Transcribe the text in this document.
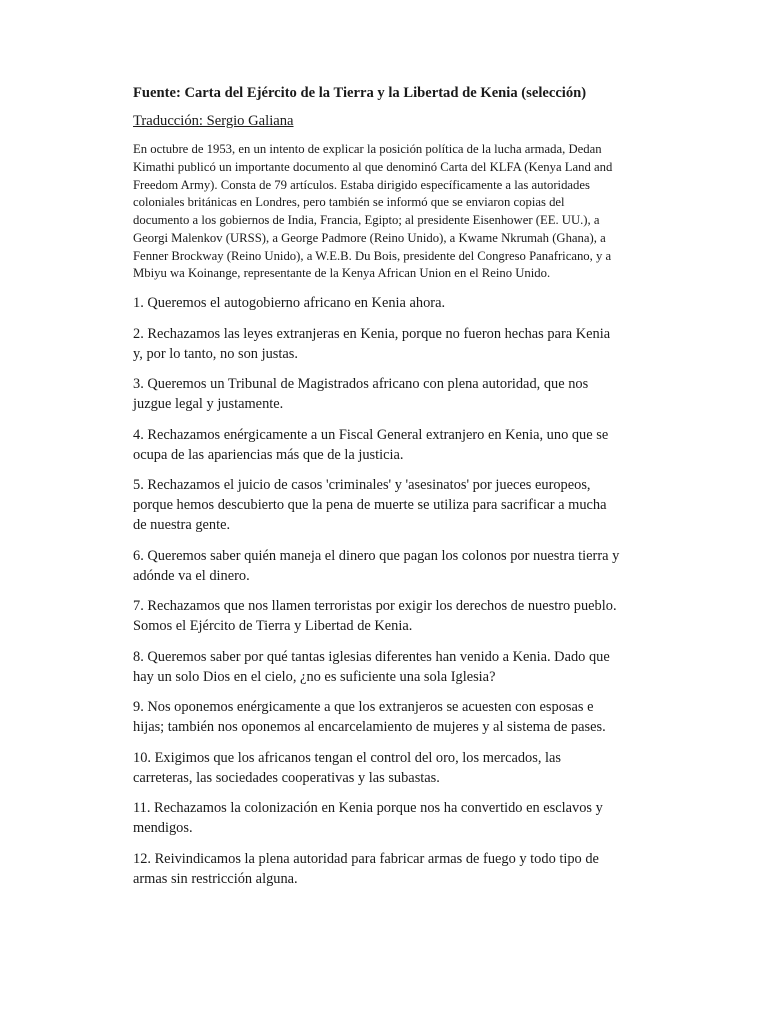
Fuente: Carta del Ejército de la Tierra y la Libertad de Kenia (selección)
Traducción: Sergio Galiana

En octubre de 1953, en un intento de explicar la posición política de la lucha armada, Dedan Kimathi publicó un importante documento al que denominó Carta del KLFA (Kenya Land and Freedom Army). Consta de 79 artículos. Estaba dirigido específicamente a las autoridades coloniales británicas en Londres, pero también se informó que se enviaron copias del documento a los gobiernos de India, Francia, Egipto; al presidente Eisenhower (EE. UU.), a Georgi Malenkov (URSS), a George Padmore (Reino Unido), a Kwame Nkrumah (Ghana), a Fenner Brockway (Reino Unido), a W.E.B. Du Bois, presidente del Congreso Panafricano, y a Mbiyu wa Koinange, representante de la Kenya African Union en el Reino Unido.

1. Queremos el autogobierno africano en Kenia ahora.
2. Rechazamos las leyes extranjeras en Kenia, porque no fueron hechas para Kenia y, por lo tanto, no son justas.
3. Queremos un Tribunal de Magistrados africano con plena autoridad, que nos juzgue legal y justamente.
4. Rechazamos enérgicamente a un Fiscal General extranjero en Kenia, uno que se ocupa de las apariencias más que de la justicia.
5. Rechazamos el juicio de casos 'criminales' y 'asesinatos' por jueces europeos, porque hemos descubierto que la pena de muerte se utiliza para sacrificar a mucha de nuestra gente.
6. Queremos saber quién maneja el dinero que pagan los colonos por nuestra tierra y adónde va el dinero.
7. Rechazamos que nos llamen terroristas por exigir los derechos de nuestro pueblo. Somos el Ejército de Tierra y Libertad de Kenia.
8. Queremos saber por qué tantas iglesias diferentes han venido a Kenia. Dado que hay un solo Dios en el cielo, ¿no es suficiente una sola Iglesia?
9. Nos oponemos enérgicamente a que los extranjeros se acuesten con esposas e hijas; también nos oponemos al encarcelamiento de mujeres y al sistema de pases.
10. Exigimos que los africanos tengan el control del oro, los mercados, las carreteras, las sociedades cooperativas y las subastas.
11. Rechazamos la colonización en Kenia porque nos ha convertido en esclavos y mendigos.
12. Reivindicamos la plena autoridad para fabricar armas de fuego y todo tipo de armas sin restricción alguna.
